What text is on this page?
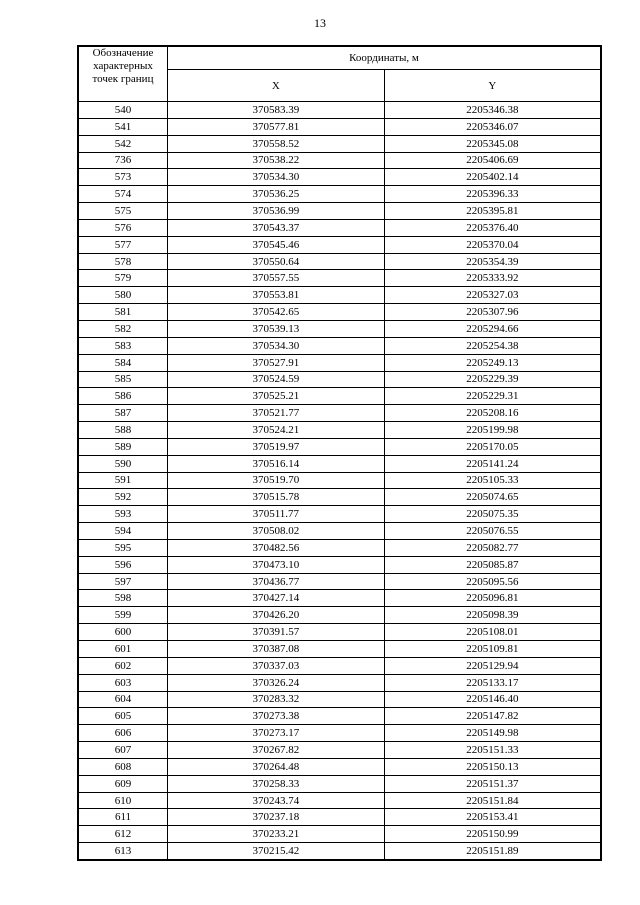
13
Обозначение характерных точек границ	Координаты, м	
	X	Y
540	370583.39	2205346.38
541	370577.81	2205346.07
542	370558.52	2205345.08
736	370538.22	2205406.69
573	370534.30	2205402.14
574	370536.25	2205396.33
575	370536.99	2205395.81
576	370543.37	2205376.40
577	370545.46	2205370.04
578	370550.64	2205354.39
579	370557.55	2205333.92
580	370553.81	2205327.03
581	370542.65	2205307.96
582	370539.13	2205294.66
583	370534.30	2205254.38
584	370527.91	2205249.13
585	370524.59	2205229.39
586	370525.21	2205229.31
587	370521.77	2205208.16
588	370524.21	2205199.98
589	370519.97	2205170.05
590	370516.14	2205141.24
591	370519.70	2205105.33
592	370515.78	2205074.65
593	370511.77	2205075.35
594	370508.02	2205076.55
595	370482.56	2205082.77
596	370473.10	2205085.87
597	370436.77	2205095.56
598	370427.14	2205096.81
599	370426.20	2205098.39
600	370391.57	2205108.01
601	370387.08	2205109.81
602	370337.03	2205129.94
603	370326.24	2205133.17
604	370283.32	2205146.40
605	370273.38	2205147.82
606	370273.17	2205149.98
607	370267.82	2205151.33
608	370264.48	2205150.13
609	370258.33	2205151.37
610	370243.74	2205151.84
611	370237.18	2205153.41
612	370233.21	2205150.99
613	370215.42	2205151.89
